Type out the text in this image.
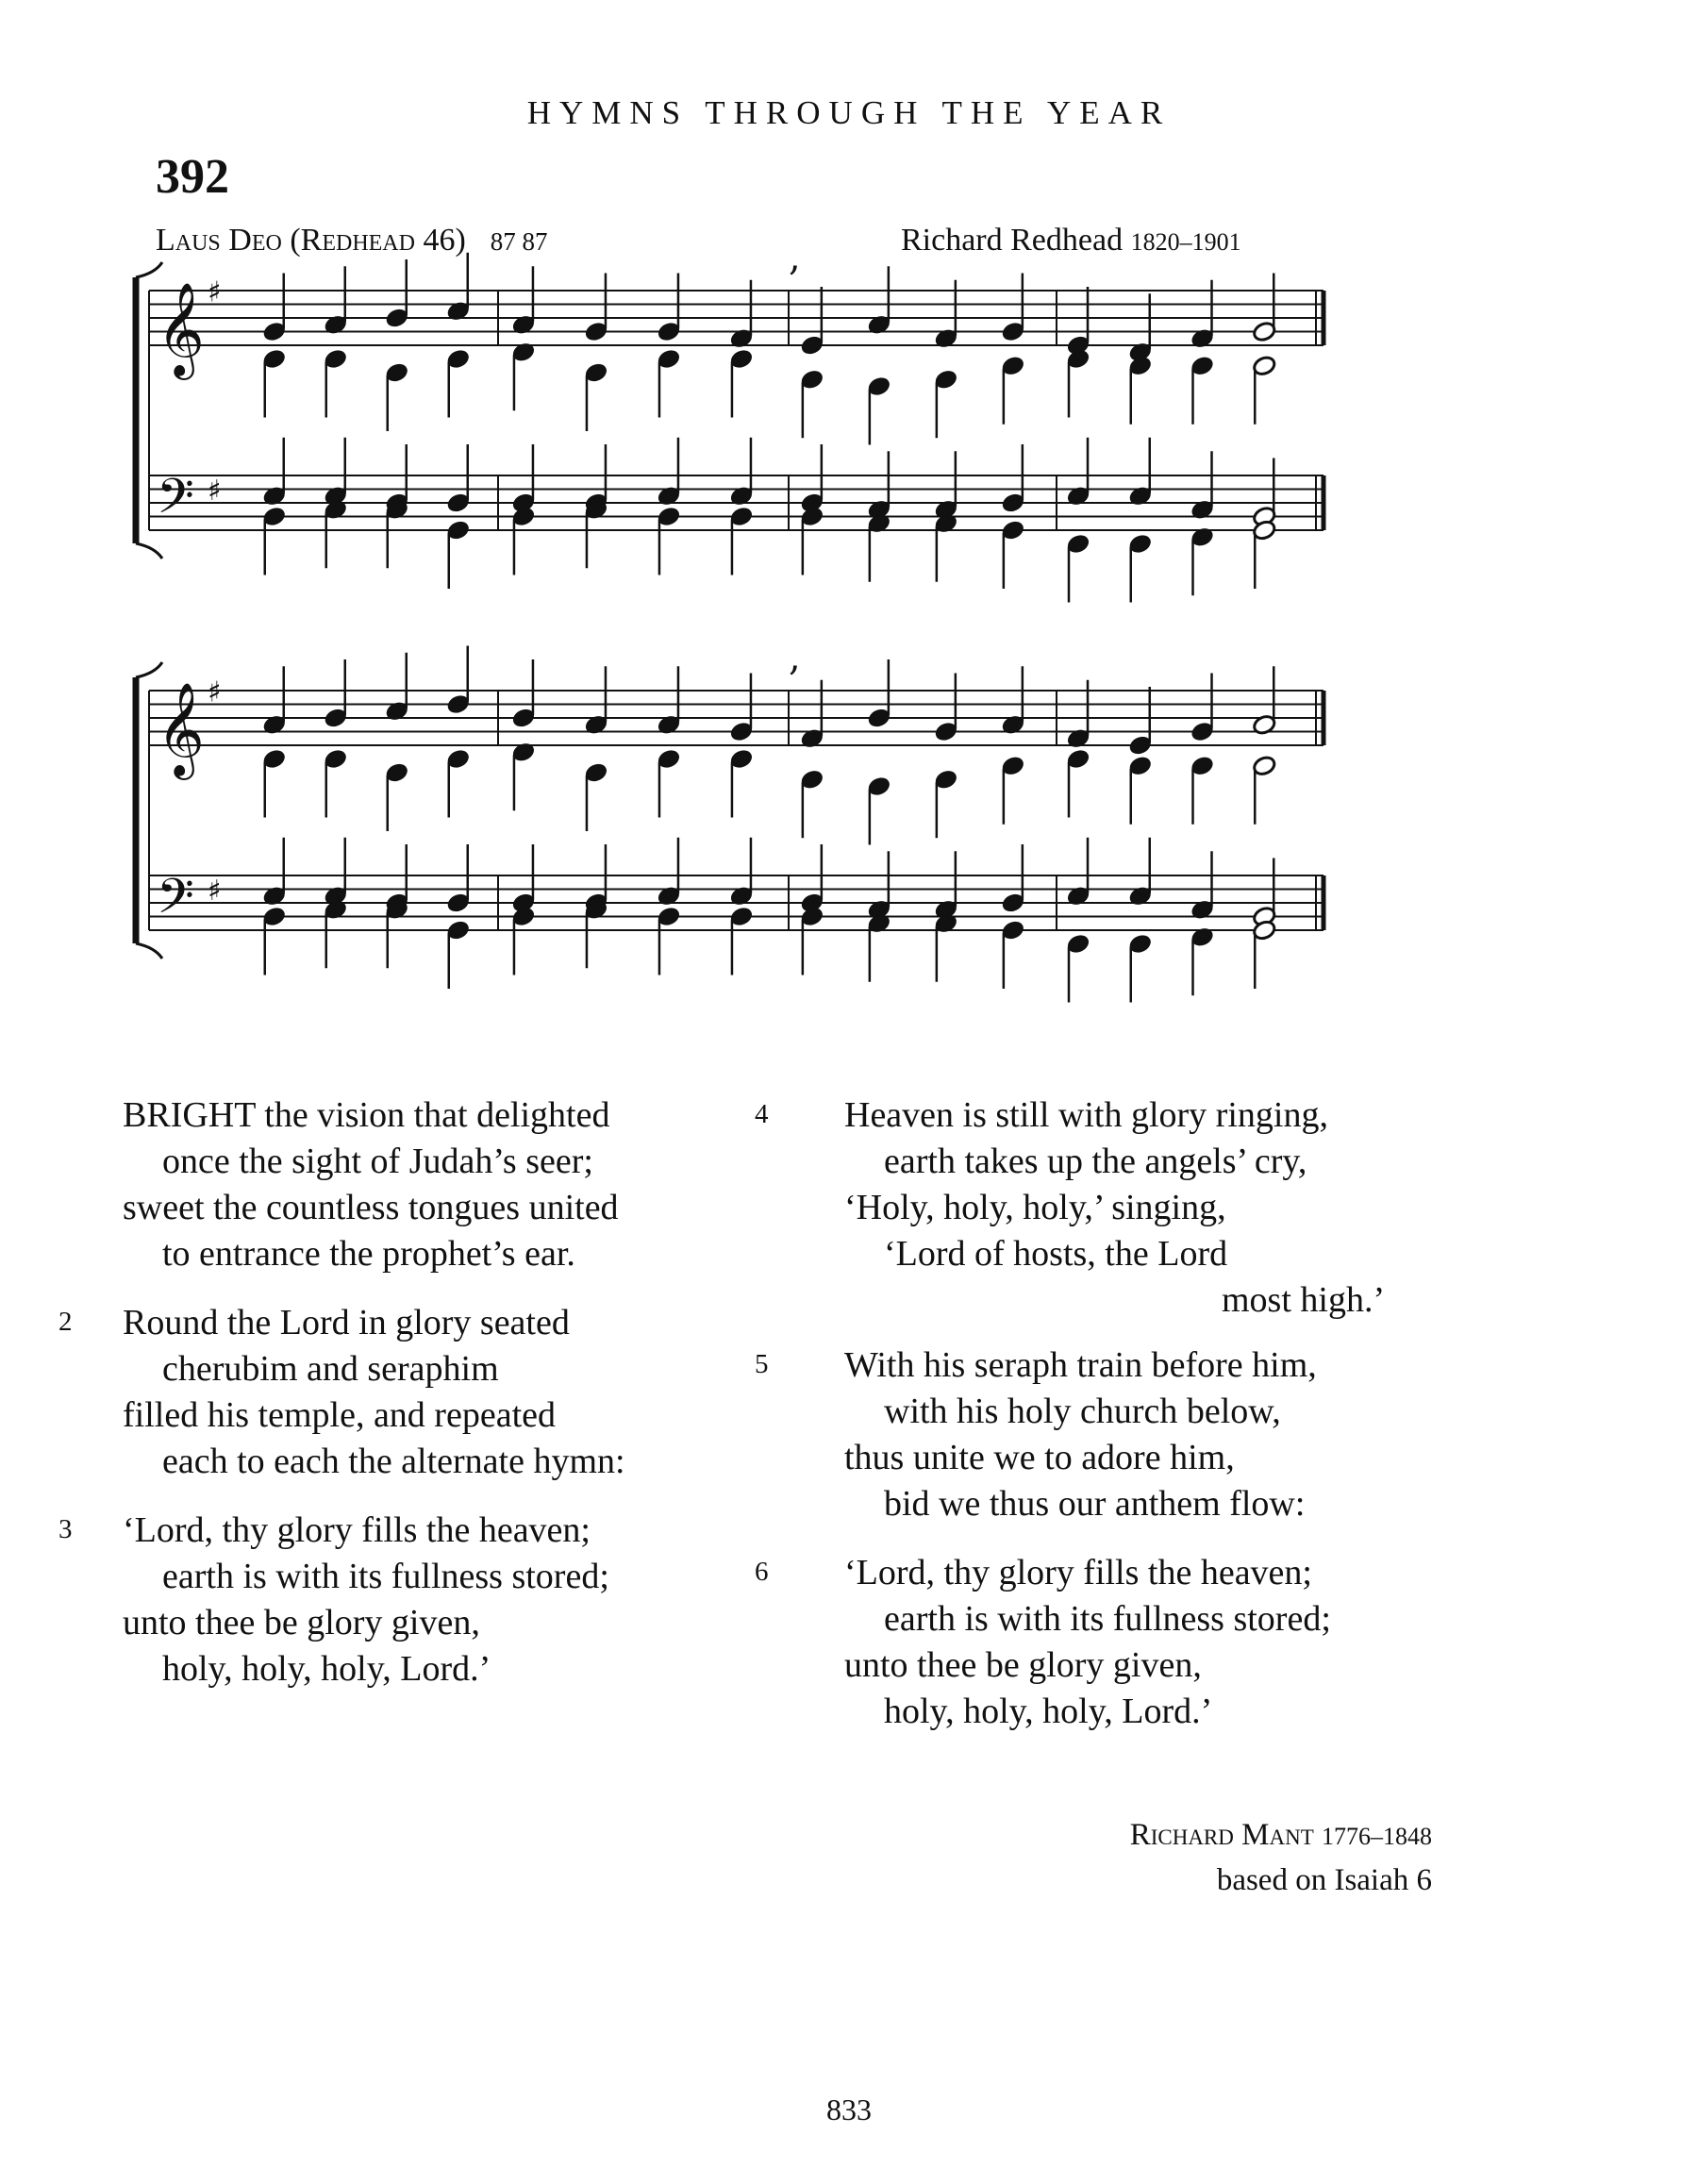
HYMNS THROUGH THE YEAR
392
Laus Deo (Redhead 46) 87 87	Richard Redhead 1820–1901
𝄞 ♯
𝄢 ♯
,
𝄞 ♯
𝄢 ♯
,
4
2
5
3
6
BRIGHT the vision that delighted
once the sight of Judah’s seer;
sweet the countless tongues united
to entrance the prophet’s ear.
Round the Lord in glory seated
cherubim and seraphim
filled his temple, and repeated
each to each the alternate hymn:
‘Lord, thy glory fills the heaven;
earth is with its fullness stored;
unto thee be glory given,
holy, holy, holy, Lord.’
Heaven is still with glory ringing,
earth takes up the angels’ cry,
‘Holy, holy, holy,’ singing,
‘Lord of hosts, the Lord
most high.’
With his seraph train before him,
with his holy church below,
thus unite we to adore him,
bid we thus our anthem flow:
‘Lord, thy glory fills the heaven;
earth is with its fullness stored;
unto thee be glory given,
holy, holy, holy, Lord.’
Richard Mant 1776–1848
based on Isaiah 6
833
